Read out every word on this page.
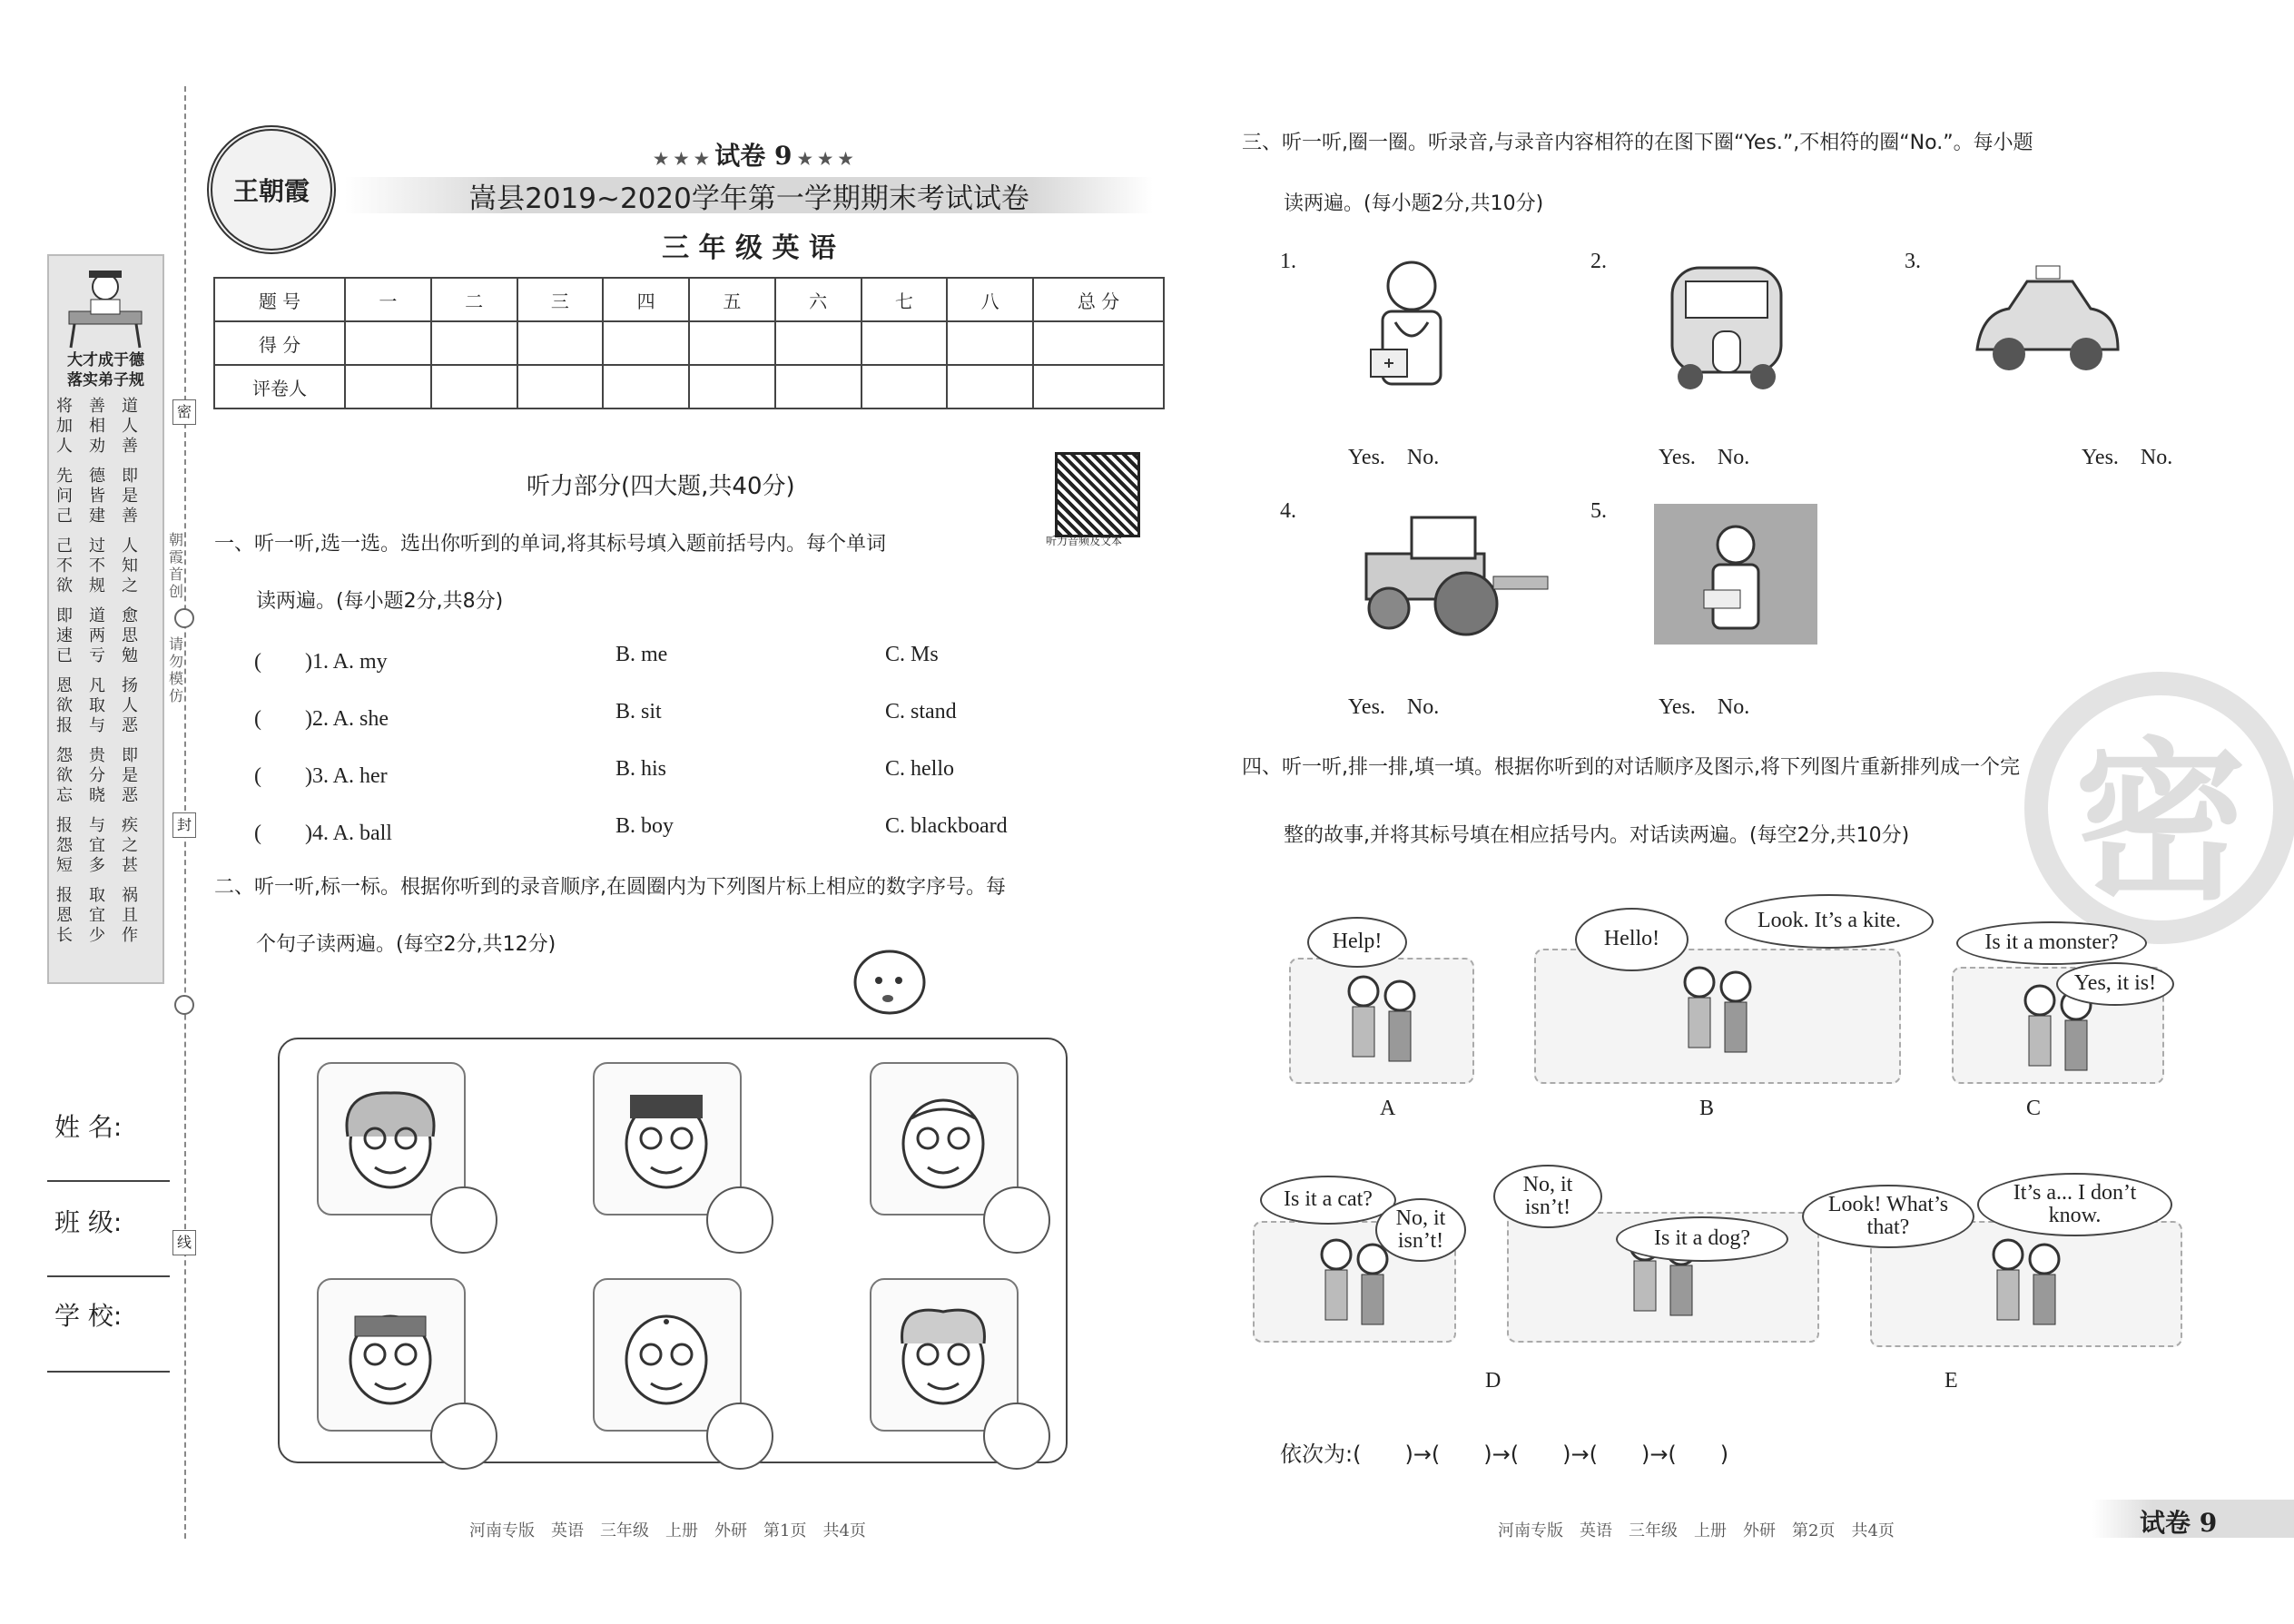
大才成于德
落实弟子规
将加人
善相劝
道人善
先问己
德皆建
即是善
己不欲
过不规
人知之
即速已
道两亏
愈思勉
恩欲报
凡取与
扬人恶
怨欲忘
贵分晓
即是恶
报怨短
与宜多
疾之甚
报恩长
取宜少
祸且作
密
封
线
朝霞首创
请勿模仿
姓 名:
班 级:
学 校:
王朝霞
★ ★ ★ 试卷 9 ★ ★ ★
嵩县2019~2020学年第一学期期末考试试卷
三 年 级 英 语
题 号	一	二	三	四	五	六	七	八	总 分
得 分									
评卷人									
听力部分(四大题,共40分)
听力音频及文本
一、听一听,选一选。选出你听到的单词,将其标号填入题前括号内。每个单词
读两遍。(每小题2分,共8分)
(　　)1. A. my	B. me	C. Ms
(　　)2. A. she	B. sit	C. stand
(　　)3. A. her	B. his	C. hello
(　　)4. A. ball	B. boy	C. blackboard
二、听一听,标一标。根据你听到的录音顺序,在圆圈内为下列图片标上相应的数字序号。每
个句子读两遍。(每空2分,共12分)
河南专版　英语　三年级　上册　外研　第1页　共4页
密
三、听一听,圈一圈。听录音,与录音内容相符的在图下圈“Yes.”,不相符的圈“No.”。每小题
读两遍。(每小题2分,共10分)
1.
Yes.　No.
2.
Yes.　No.
3.
Yes.　No.
4.
Yes.　No.
5.
Yes.　No.
四、听一听,排一排,填一填。根据你听到的对话顺序及图示,将下列图片重新排列成一个完
整的故事,并将其标号填在相应括号内。对话读两遍。(每空2分,共10分)
Help!	Hello!
Look. It’s a kite.
Is it a monster?
Yes, it is!
Is it a cat?
No, it isn’t!
No, it isn’t!
Is it a dog?
Look! What’s that?
It’s a... I don’t know.
A	B	C
D	E
依次为:(　　)→(　　)→(　　)→(　　)→(　　)
河南专版　英语　三年级　上册　外研　第2页　共4页	试卷 9
